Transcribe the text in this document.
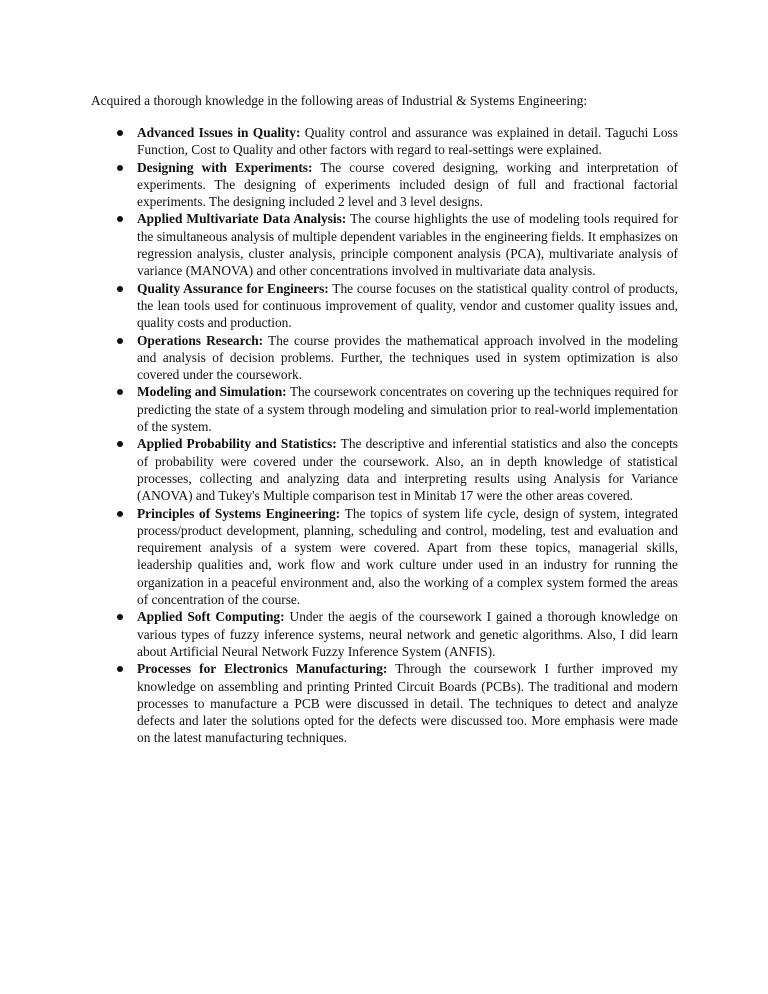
Acquired a thorough knowledge in the following areas of Industrial & Systems Engineering:
Advanced Issues in Quality: Quality control and assurance was explained in detail. Taguchi Loss Function, Cost to Quality and other factors with regard to real-settings were explained.
Designing with Experiments: The course covered designing, working and interpretation of experiments. The designing of experiments included design of full and fractional factorial experiments. The designing included 2 level and 3 level designs.
Applied Multivariate Data Analysis: The course highlights the use of modeling tools required for the simultaneous analysis of multiple dependent variables in the engineering fields. It emphasizes on regression analysis, cluster analysis, principle component analysis (PCA), multivariate analysis of variance (MANOVA) and other concentrations involved in multivariate data analysis.
Quality Assurance for Engineers: The course focuses on the statistical quality control of products, the lean tools used for continuous improvement of quality, vendor and customer quality issues and, quality costs and production.
Operations Research: The course provides the mathematical approach involved in the modeling and analysis of decision problems. Further, the techniques used in system optimization is also covered under the coursework.
Modeling and Simulation: The coursework concentrates on covering up the techniques required for predicting the state of a system through modeling and simulation prior to real-world implementation of the system.
Applied Probability and Statistics: The descriptive and inferential statistics and also the concepts of probability were covered under the coursework. Also, an in depth knowledge of statistical processes, collecting and analyzing data and interpreting results using Analysis for Variance (ANOVA) and Tukey's Multiple comparison test in Minitab 17 were the other areas covered.
Principles of Systems Engineering: The topics of system life cycle, design of system, integrated process/product development, planning, scheduling and control, modeling, test and evaluation and requirement analysis of a system were covered. Apart from these topics, managerial skills, leadership qualities and, work flow and work culture under used in an industry for running the organization in a peaceful environment and, also the working of a complex system formed the areas of concentration of the course.
Applied Soft Computing: Under the aegis of the coursework I gained a thorough knowledge on various types of fuzzy inference systems, neural network and genetic algorithms. Also, I did learn about Artificial Neural Network Fuzzy Inference System (ANFIS).
Processes for Electronics Manufacturing: Through the coursework I further improved my knowledge on assembling and printing Printed Circuit Boards (PCBs). The traditional and modern processes to manufacture a PCB were discussed in detail. The techniques to detect and analyze defects and later the solutions opted for the defects were discussed too. More emphasis were made on the latest manufacturing techniques.
